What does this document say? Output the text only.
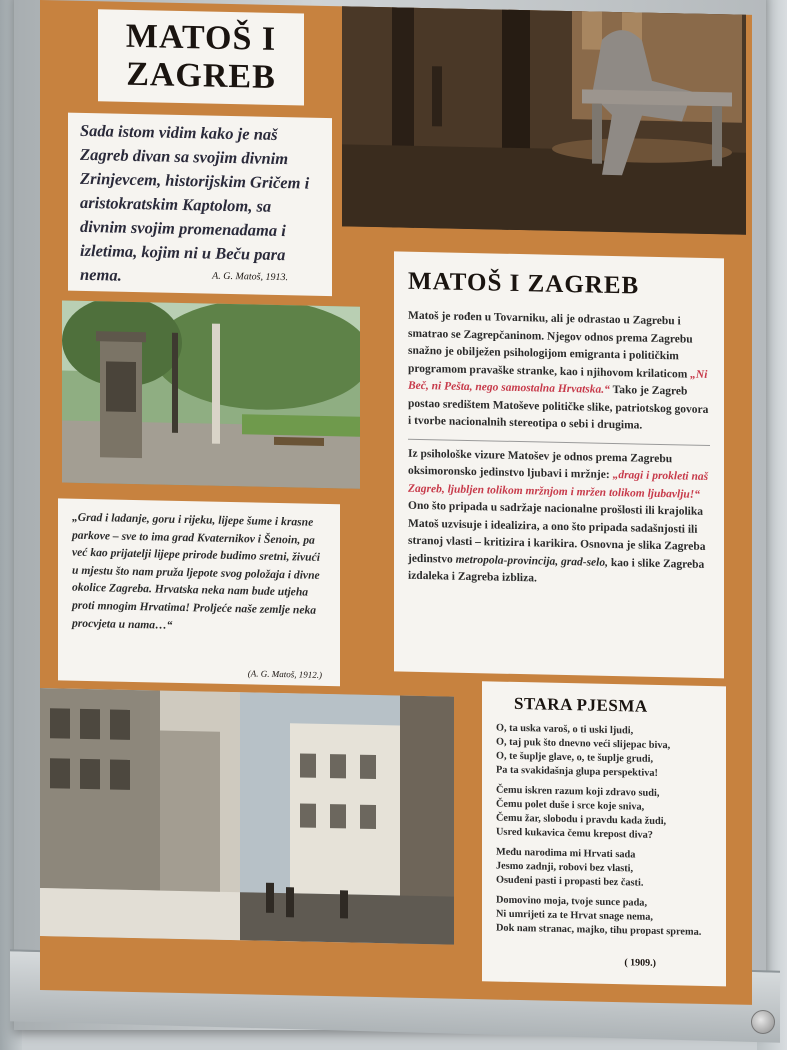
MATOŠ I
ZAGREB

Sada istom vidim kako je naš Zagreb divan sa svojim divnim Zrinjevcem, historijskim Gričem i aristokratskim Kaptolom, sa divnim svojim promenadama i izletima, kojim ni u Beču para nema.	A. G. Matoš, 1913.	MATOŠ I ZAGREB

Matoš je rođen u Tovarniku, ali je odrastao u Zagrebu i smatrao se Zagrepčaninom. Njegov odnos prema Zagrebu snažno je obilježen psihologijom emigranta i političkim programom pravaške stranke, kao i njihovom krilaticom „Ni Beč, ni Pešta, nego samostalna Hrvatska.“ Tako je Zagreb postao središtem Matoševe političke slike, patriotskog govora i tvorbe nacionalnih stereotipa o sebi i drugima.

Iz psihološke vizure Matošev je odnos prema Zagrebu oksimoronsko jedinstvo ljubavi i mržnje: „dragi i prokleti naš Zagreb, ljubljen tolikom mržnjom i mržen tolikom ljubavlju!“ Ono što pripada u sadržaje nacionalne prošlosti ili krajolika Matoš uzvisuje i idealizira, a ono što pripada sadašnjosti ili stranoj vlasti – kritizira i karikira. Osnovna je slika Zagreba jedinstvo metropola-provincija, grad-selo, kao i slike Zagreba izdaleka i Zagreba izbliza.

„Grad i ladanje, goru i rijeku, lijepe šume i krasne parkove – sve to ima grad Kvaternikov i Šenoin, pa već kao prijatelji lijepe prirode budimo sretni, živući u mjestu što nam pruža ljepote svog položaja i divne okolice Zagreba. Hrvatska neka nam bude utjeha proti mnogim Hrvatima! Proljeće naše zemlje neka procvjeta u nama…“

(A. G. Matoš, 1912.)
STARA PJESMA
O, ta uska varoš, o ti uski ljudi,
O, taj puk što dnevno veći slijepac biva,
O, te šuplje glave, o, te šuplje grudi,
Pa ta svakidašnja glupa perspektiva!
Čemu iskren razum koji zdravo sudi,
Čemu polet duše i srce koje sniva,
Čemu žar, slobodu i pravdu kada žudi,
Usred kukavica čemu krepost diva?
Među narodima mi Hrvati sada
Jesmo zadnji, robovi bez vlasti,
Osuđeni pasti i propasti bez časti.
Domovino moja, tvoje sunce pada,
Ni umrijeti za te Hrvat snage nema,
Dok nam stranac, majko, tihu propast sprema.
( 1909.)
